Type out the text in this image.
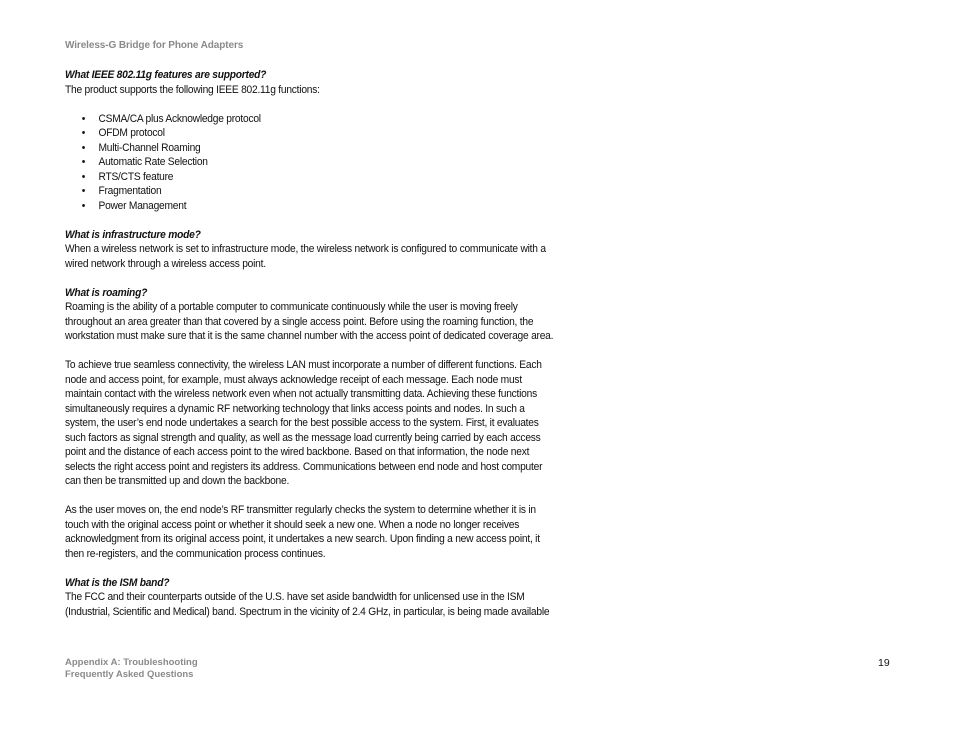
Wireless-G Bridge for Phone Adapters

What IEEE 802.11g features are supported?

The product supports the following IEEE 802.11g functions:

• CSMA/CA plus Acknowledge protocol
• OFDM protocol
• Multi-Channel Roaming
• Automatic Rate Selection
• RTS/CTS feature
• Fragmentation
• Power Management

What is infrastructure mode?

When a wireless network is set to infrastructure mode, the wireless network is configured to communicate with a wired network through a wireless access point.

What is roaming?

Roaming is the ability of a portable computer to communicate continuously while the user is moving freely throughout an area greater than that covered by a single access point. Before using the roaming function, the workstation must make sure that it is the same channel number with the access point of dedicated coverage area.

To achieve true seamless connectivity, the wireless LAN must incorporate a number of different functions. Each node and access point, for example, must always acknowledge receipt of each message. Each node must maintain contact with the wireless network even when not actually transmitting data. Achieving these functions simultaneously requires a dynamic RF networking technology that links access points and nodes. In such a system, the user’s end node undertakes a search for the best possible access to the system. First, it evaluates such factors as signal strength and quality, as well as the message load currently being carried by each access point and the distance of each access point to the wired backbone. Based on that information, the node next selects the right access point and registers its address. Communications between end node and host computer can then be transmitted up and down the backbone.

As the user moves on, the end node’s RF transmitter regularly checks the system to determine whether it is in touch with the original access point or whether it should seek a new one. When a node no longer receives acknowledgment from its original access point, it undertakes a new search. Upon finding a new access point, it then re-registers, and the communication process continues.

What is the ISM band?

The FCC and their counterparts outside of the U.S. have set aside bandwidth for unlicensed use in the ISM (Industrial, Scientific and Medical) band. Spectrum in the vicinity of 2.4 GHz, in particular, is being made available

Appendix A: Troubleshooting
Frequently Asked Questions
19
